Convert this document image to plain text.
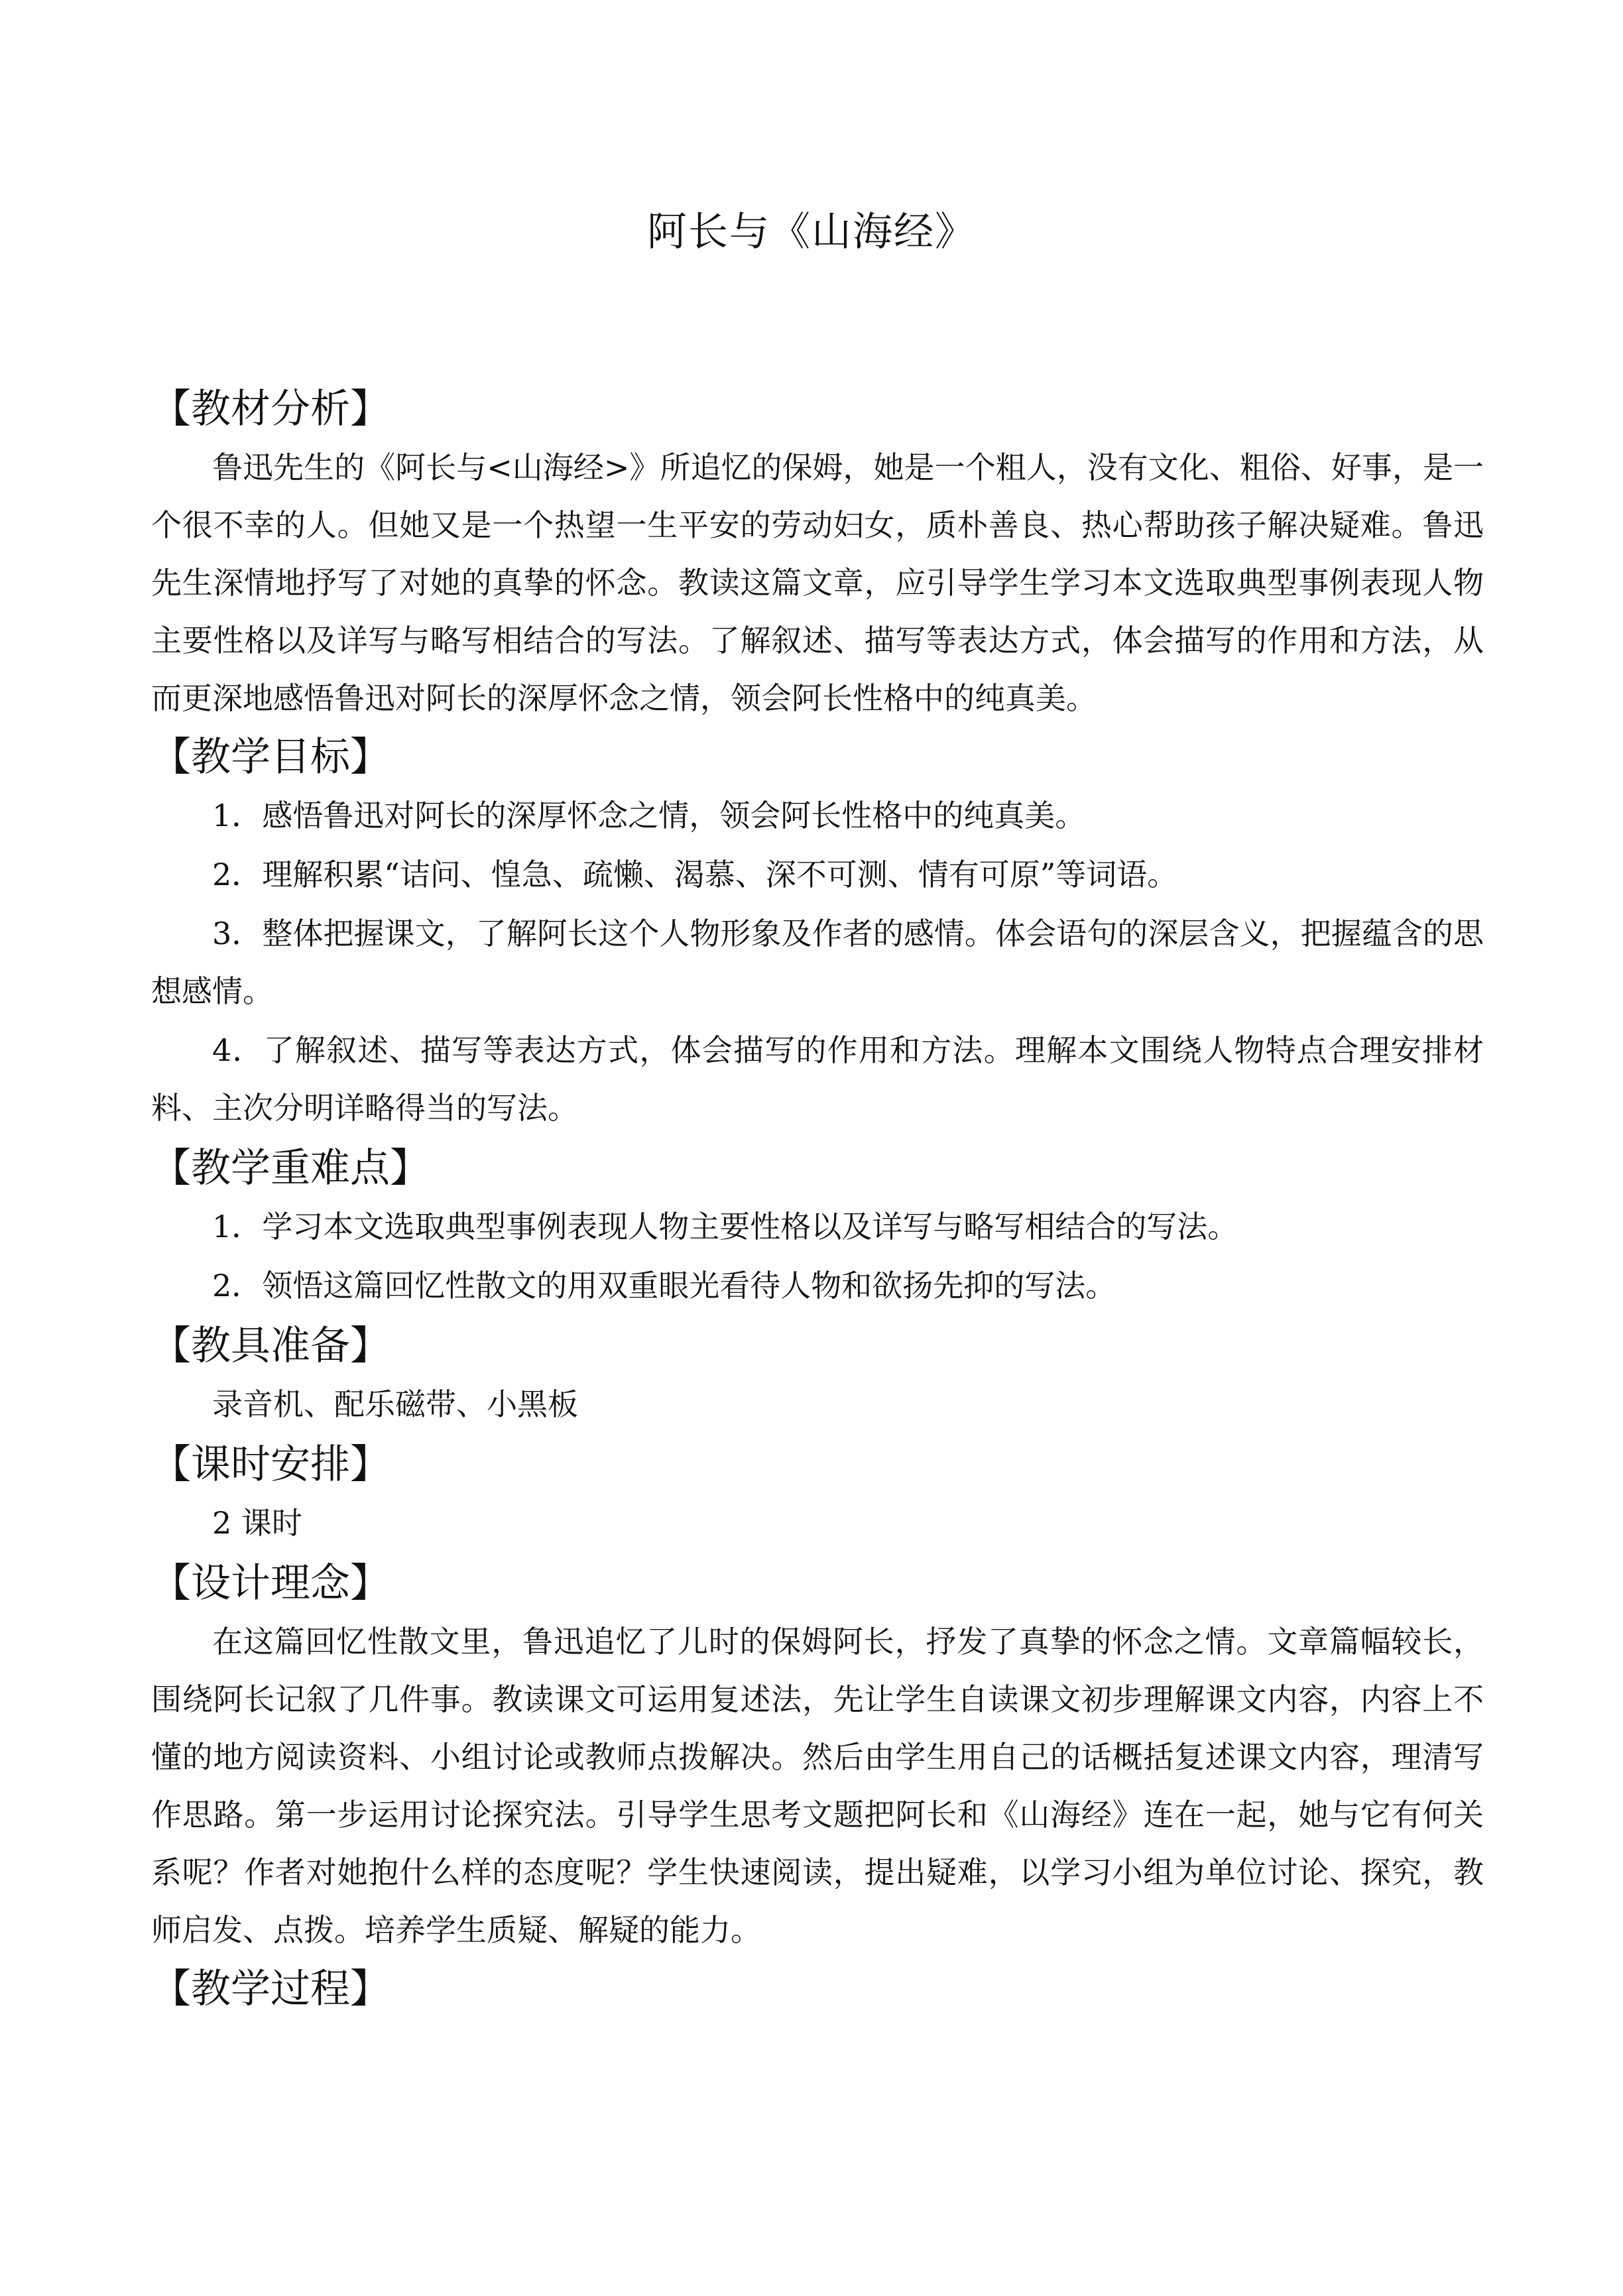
阿长与《山海经》
【教材分析】

鲁迅先生的《阿长与<山海经>》所追忆的保姆，她是一个粗人，没有文化、粗俗、好事，是一个很不幸的人。但她又是一个热望一生平安的劳动妇女，质朴善良、热心帮助孩子解决疑难。鲁迅先生深情地抒写了对她的真挚的怀念。教读这篇文章，应引导学生学习本文选取典型事例表现人物主要性格以及详写与略写相结合的写法。了解叙述、描写等表达方式，体会描写的作用和方法，从而更深地感悟鲁迅对阿长的深厚怀念之情，领会阿长性格中的纯真美。

【教学目标】

1．感悟鲁迅对阿长的深厚怀念之情，领会阿长性格中的纯真美。

2．理解积累“诘问、惶急、疏懒、渴慕、深不可测、情有可原”等词语。

3．整体把握课文，了解阿长这个人物形象及作者的感情。体会语句的深层含义，把握蕴含的思想感情。

4．了解叙述、描写等表达方式，体会描写的作用和方法。理解本文围绕人物特点合理安排材料、主次分明详略得当的写法。

【教学重难点】

1．学习本文选取典型事例表现人物主要性格以及详写与略写相结合的写法。

2．领悟这篇回忆性散文的用双重眼光看待人物和欲扬先抑的写法。

【教具准备】

录音机、配乐磁带、小黑板

【课时安排】

2 课时

【设计理念】

在这篇回忆性散文里，鲁迅追忆了儿时的保姆阿长，抒发了真挚的怀念之情。文章篇幅较长，围绕阿长记叙了几件事。教读课文可运用复述法，先让学生自读课文初步理解课文内容，内容上不懂的地方阅读资料、小组讨论或教师点拨解决。然后由学生用自己的话概括复述课文内容，理清写作思路。第一步运用讨论探究法。引导学生思考文题把阿长和《山海经》连在一起，她与它有何关系呢？作者对她抱什么样的态度呢？学生快速阅读，提出疑难，以学习小组为单位讨论、探究，教师启发、点拨。培养学生质疑、解疑的能力。

【教学过程】
